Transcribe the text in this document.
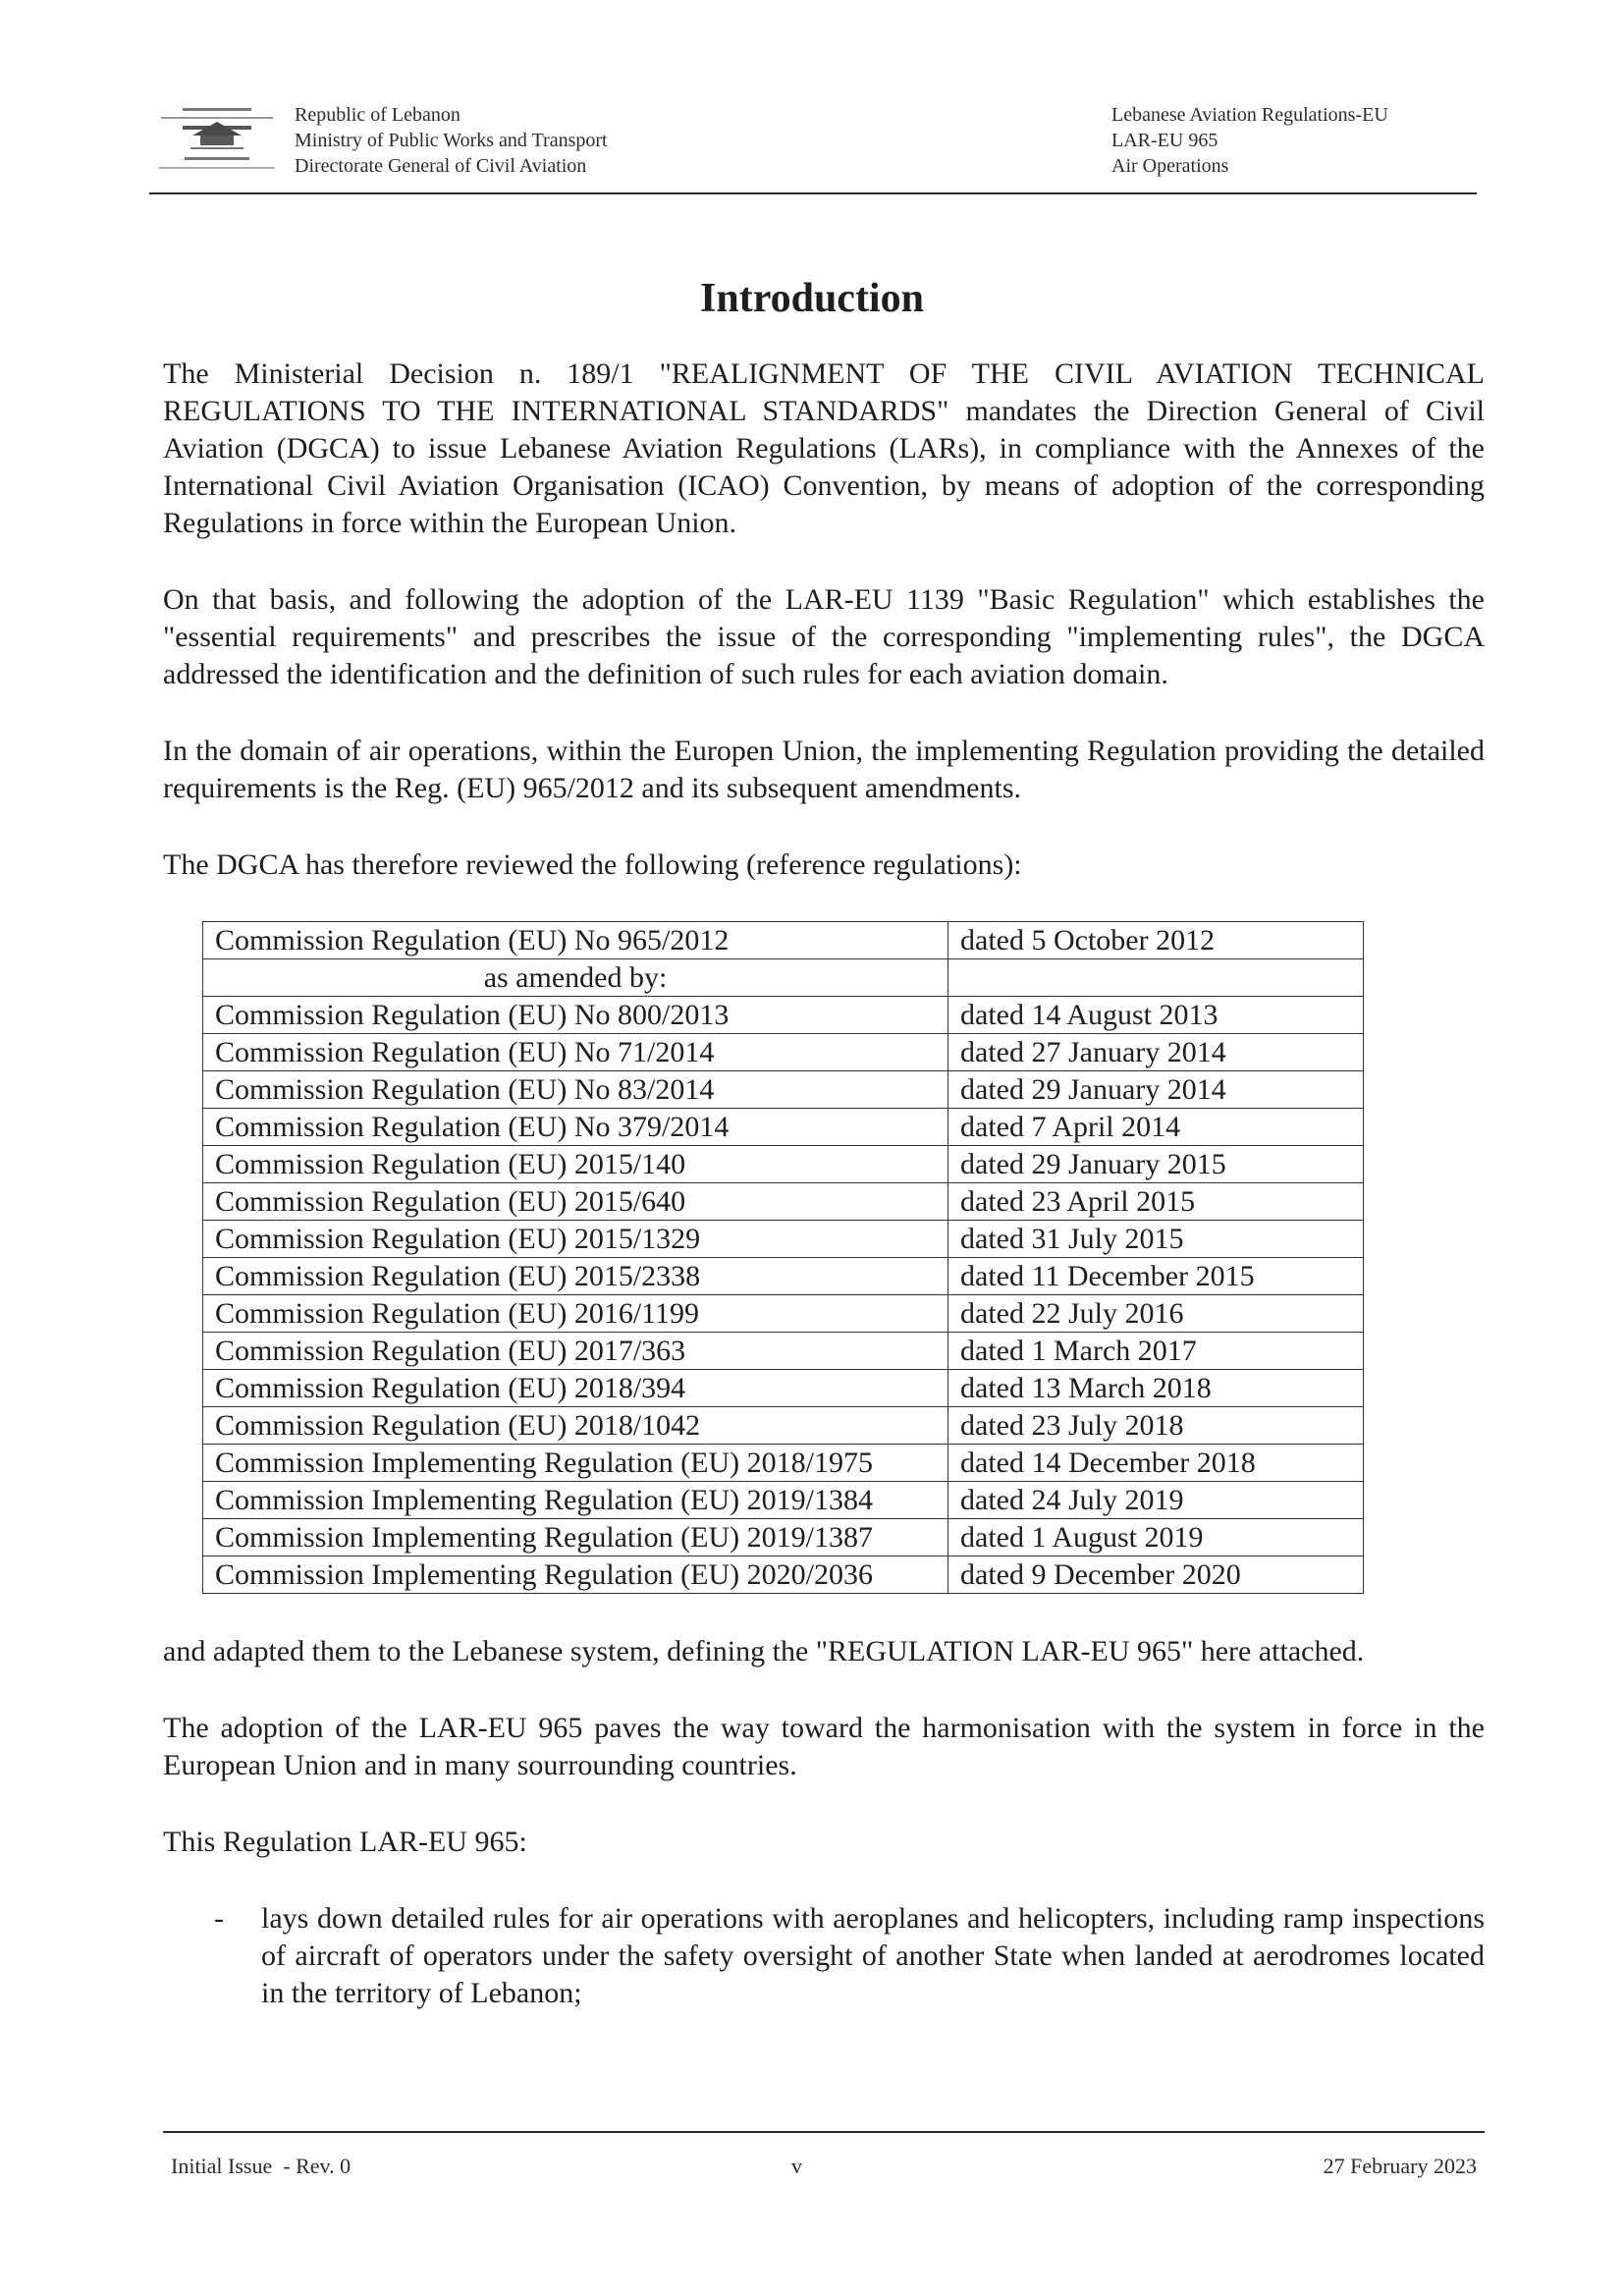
Republic of Lebanon
Ministry of Public Works and Transport
Directorate General of Civil Aviation
Lebanese Aviation Regulations-EU
LAR-EU 965
Air Operations
Introduction

The Ministerial Decision n. 189/1 "REALIGNMENT OF THE CIVIL AVIATION TECHNICAL REGULATIONS TO THE INTERNATIONAL STANDARDS" mandates the Direction General of Civil Aviation (DGCA) to issue Lebanese Aviation Regulations (LARs), in compliance with the Annexes of the International Civil Aviation Organisation (ICAO) Convention, by means of adoption of the corresponding Regulations in force within the European Union.

On that basis, and following the adoption of the LAR-EU 1139 "Basic Regulation" which establishes the "essential requirements" and prescribes the issue of the corresponding "implementing rules", the DGCA addressed the identification and the definition of such rules for each aviation domain.

In the domain of air operations, within the Europen Union, the implementing Regulation providing the detailed requirements is the Reg. (EU) 965/2012 and its subsequent amendments.

The DGCA has therefore reviewed the following (reference regulations):

Commission Regulation (EU) No 965/2012	dated 5 October 2012
as amended by:	
Commission Regulation (EU) No 800/2013	dated 14 August 2013
Commission Regulation (EU) No 71/2014	dated 27 January 2014
Commission Regulation (EU) No 83/2014	dated 29 January 2014
Commission Regulation (EU) No 379/2014	dated 7 April 2014
Commission Regulation (EU) 2015/140	dated 29 January 2015
Commission Regulation (EU) 2015/640	dated 23 April 2015
Commission Regulation (EU) 2015/1329	dated 31 July 2015
Commission Regulation (EU) 2015/2338	dated 11 December 2015
Commission Regulation (EU) 2016/1199	dated 22 July 2016
Commission Regulation (EU) 2017/363	dated 1 March 2017
Commission Regulation (EU) 2018/394	dated 13 March 2018
Commission Regulation (EU) 2018/1042	dated 23 July 2018
Commission Implementing Regulation (EU) 2018/1975	dated 14 December 2018
Commission Implementing Regulation (EU) 2019/1384	dated 24 July 2019
Commission Implementing Regulation (EU) 2019/1387	dated 1 August 2019
Commission Implementing Regulation (EU) 2020/2036	dated 9 December 2020

and adapted them to the Lebanese system, defining the "REGULATION LAR-EU 965" here attached.

The adoption of the LAR-EU 965 paves the way toward the harmonisation with the system in force in the European Union and in many sourrounding countries.

This Regulation LAR-EU 965:

- lays down detailed rules for air operations with aeroplanes and helicopters, including ramp inspections of aircraft of operators under the safety oversight of another State when landed at aerodromes located in the territory of Lebanon;
Initial Issue  - Rev. 0	v	27 February 2023
